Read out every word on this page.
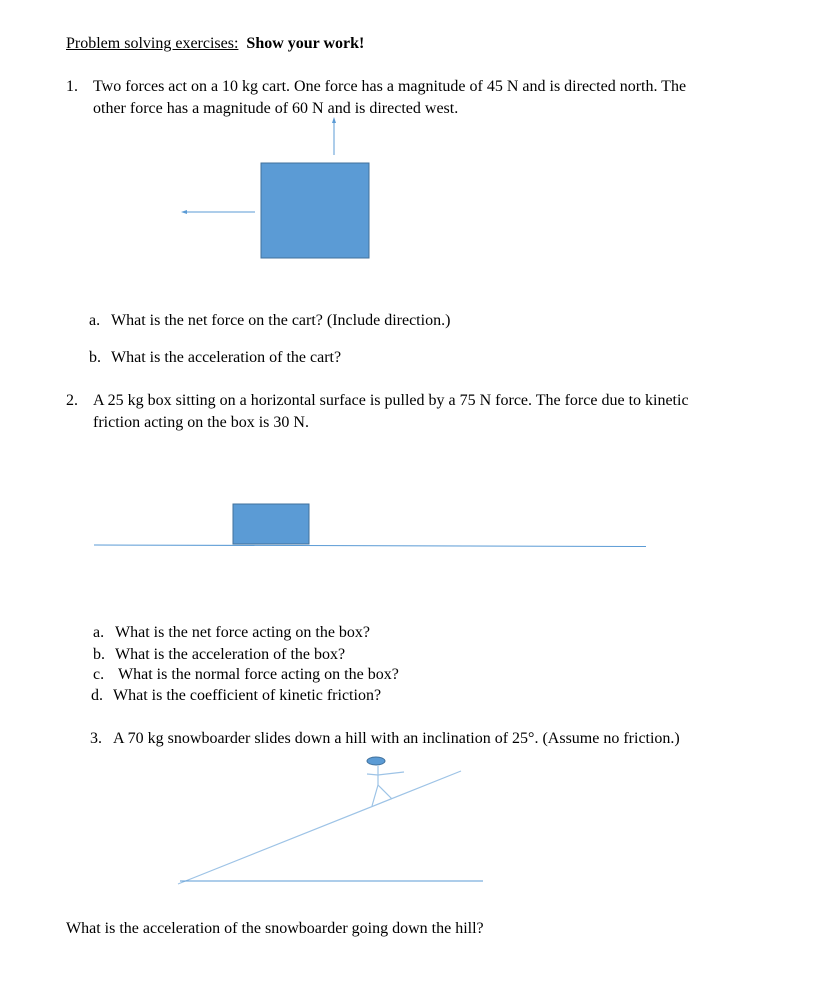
Problem solving exercises: Show your work!
1. Two forces act on a 10 kg cart. One force has a magnitude of 45 N and is directed north. The
other force has a magnitude of 60 N and is directed west.
a. What is the net force on the cart? (Include direction.)
b. What is the acceleration of the cart?
2. A 25 kg box sitting on a horizontal surface is pulled by a 75 N force. The force due to kinetic
friction acting on the box is 30 N.
a. What is the net force acting on the box?
b. What is the acceleration of the box?
c. What is the normal force acting on the box?
d. What is the coefficient of kinetic friction?
3. A 70 kg snowboarder slides down a hill with an inclination of 25°. (Assume no friction.)
What is the acceleration of the snowboarder going down the hill?
